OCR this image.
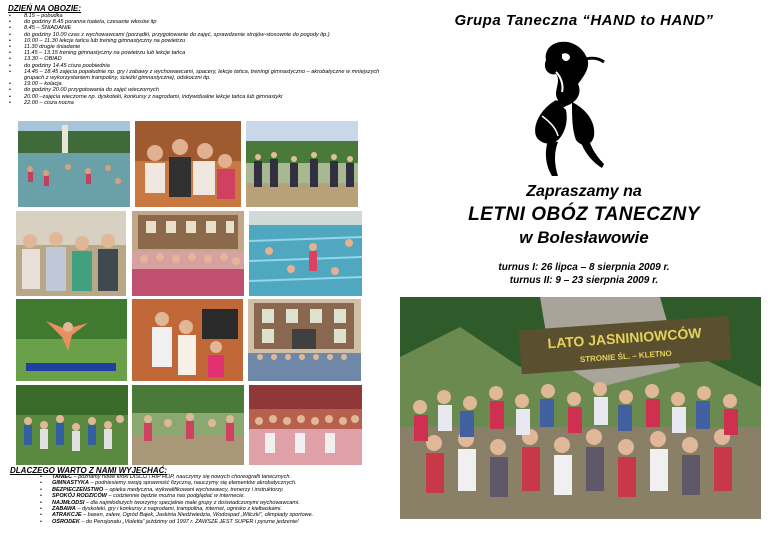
DZIEŃ NA OBOZIE:
• 8.15 – pobudka
• do godziny 8.45 poranna toaleta, czesanie włosów itp
• 8.45 – ŚNIADANIE
• do godziny 10.00 czas z wychowawcami (porządki, przygotowanie do zajęć, sprawdzenie strojów-stosownie do pogody itp.)
• 10.00 – 11.30 lekcje tańca lub trening gimnastyczny na powietrzu
• 11.30 drugie śniadanie
• 11.45 – 13.15 trening gimnastyczny na powietrzu lub lekcje tańca
• 13.30 – OBIAD
• do godziny 14.45 cisza poobiednia
• 14.45 – 18.45 zajęcia popołudnie np. gry i zabawy z wychowawcami, spacery, lekcje tańca, treningi gimnastyczno – akrobatyczne w mniejszych grupach z wykorzystaniem trampoliny, ścieżki gimnastycznej, odskoczni itp.
• 19.00 – kolacja
• do godziny 20.00 przygotowania do zajęć wieczornych
• 20.00 –zajęcia wieczorne np. dyskoteki, konkursy z nagrodami, indywidualne lekcje tańca lub gimnastyki
• 22.00 – cisza nocna
DLACZEGO WARTO Z NAMI WYJECHAĆ:
• TANIEC – poznamy nowe kroki DISCO i HIP HOP, nauczymy się nowych choreografii tanecznych.
• GIMNASTYKA – podniesiemy swoją sprawność fizyczną, nauczymy się elementów akrobatycznych.
• BEZPIECZEŃSTWO – opieka medyczna, wykwalifikowani wychowawcy, trenerzy i instruktorzy.
• SPOKÓJ RODZICÓW – codziennie będzie można nas podglądać w internecie.
• NAJMŁODSI – dla najmłodszych tworzymy specjalnie małe grupy z doświadczonymi wychowawcami.
• ZABAWA – dyskoteki, gry i konkursy z nagrodami, trampolina, internet, ognisko z kiełbaskami.
• ATRAKCJE – basen, zalew, Ogród Bajek, Jaskinia Niedźwiedzia, Wodospad „Wilczki”, olimpiady sportowe.
• OŚRODEK – do Pensjonatu „Violetta” jeździmy od 1997 r. ZAWSZE JEST SUPER i pyszne jedzenie!
Grupa Taneczna “HAND to HAND”
Zapraszamy na
LETNI OBÓZ TANECZNY
w Bolesławowie
turnus I: 26 lipca – 8 sierpnia 2009 r.
turnus II: 9 – 23 sierpnia 2009 r.
LATO JASNINIOWCÓW
STRONIE ŚL. – KLETNO
